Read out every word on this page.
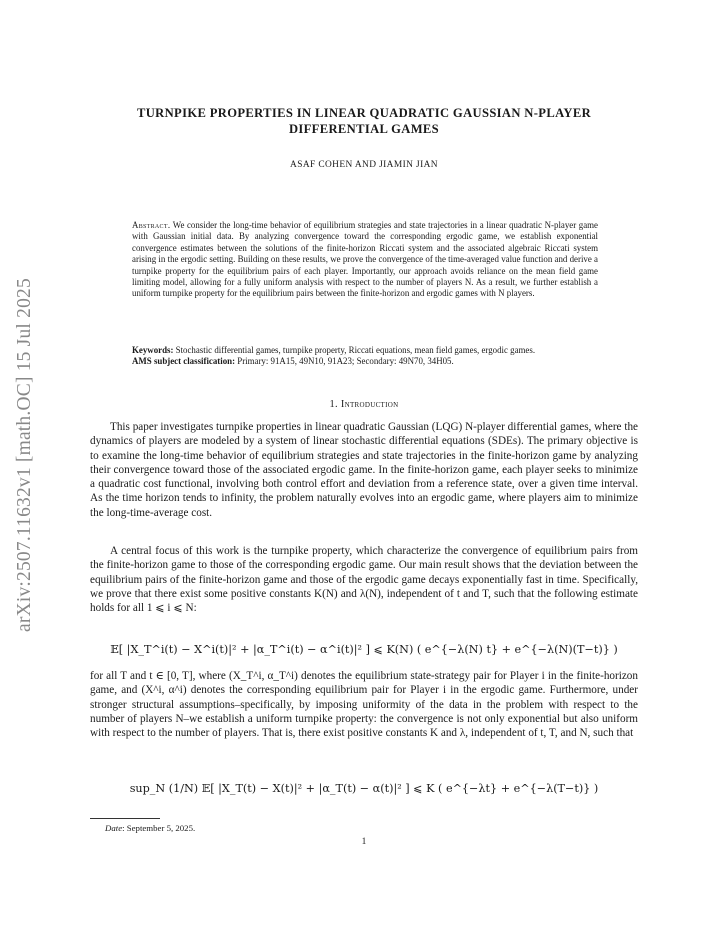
arXiv:2507.11632v1 [math.OC] 15 Jul 2025
TURNPIKE PROPERTIES IN LINEAR QUADRATIC GAUSSIAN N-PLAYER
DIFFERENTIAL GAMES
ASAF COHEN AND JIAMIN JIAN
Abstract. We consider the long-time behavior of equilibrium strategies and state trajectories in a linear quadratic N-player game with Gaussian initial data. By analyzing convergence toward the corresponding ergodic game, we establish exponential convergence estimates between the solutions of the finite-horizon Riccati system and the associated algebraic Riccati system arising in the ergodic setting. Building on these results, we prove the convergence of the time-averaged value function and derive a turnpike property for the equilibrium pairs of each player. Importantly, our approach avoids reliance on the mean field game limiting model, allowing for a fully uniform analysis with respect to the number of players N. As a result, we further establish a uniform turnpike property for the equilibrium pairs between the finite-horizon and ergodic games with N players.
Keywords: Stochastic differential games, turnpike property, Riccati equations, mean field games, ergodic games.
AMS subject classification: Primary: 91A15, 49N10, 91A23; Secondary: 49N70, 34H05.
1. Introduction

This paper investigates turnpike properties in linear quadratic Gaussian (LQG) N-player differential games, where the dynamics of players are modeled by a system of linear stochastic differential equations (SDEs). The primary objective is to examine the long-time behavior of equilibrium strategies and state trajectories in the finite-horizon game by analyzing their convergence toward those of the associated ergodic game. In the finite-horizon game, each player seeks to minimize a quadratic cost functional, involving both control effort and deviation from a reference state, over a given time interval. As the time horizon tends to infinity, the problem naturally evolves into an ergodic game, where players aim to minimize the long-time-average cost.

A central focus of this work is the turnpike property, which characterize the convergence of equilibrium pairs from the finite-horizon game to those of the corresponding ergodic game. Our main result shows that the deviation between the equilibrium pairs of the finite-horizon game and those of the ergodic game decays exponentially fast in time. Specifically, we prove that there exist some positive constants K(N) and λ(N), independent of t and T, such that the following estimate holds for all 1 ⩽ i ⩽ N:

𝔼[ |X_T^i(t) − X^i(t)|² + |α_T^i(t) − α^i(t)|² ] ⩽ K(N) ( e^{−λ(N) t} + e^{−λ(N)(T−t)} )

for all T and t ∈ [0, T], where (X_T^i, α_T^i) denotes the equilibrium state-strategy pair for Player i in the finite-horizon game, and (X^i, α^i) denotes the corresponding equilibrium pair for Player i in the ergodic game. Furthermore, under stronger structural assumptions–specifically, by imposing uniformity of the data in the problem with respect to the number of players N–we establish a uniform turnpike property: the convergence is not only exponential but also uniform with respect to the number of players. That is, there exist positive constants K and λ, independent of t, T, and N, such that

sup_N (1/N) 𝔼[ |X_T(t) − X(t)|² + |α_T(t) − α(t)|² ] ⩽ K ( e^{−λt} + e^{−λ(T−t)} )
Date: September 5, 2025.
1
